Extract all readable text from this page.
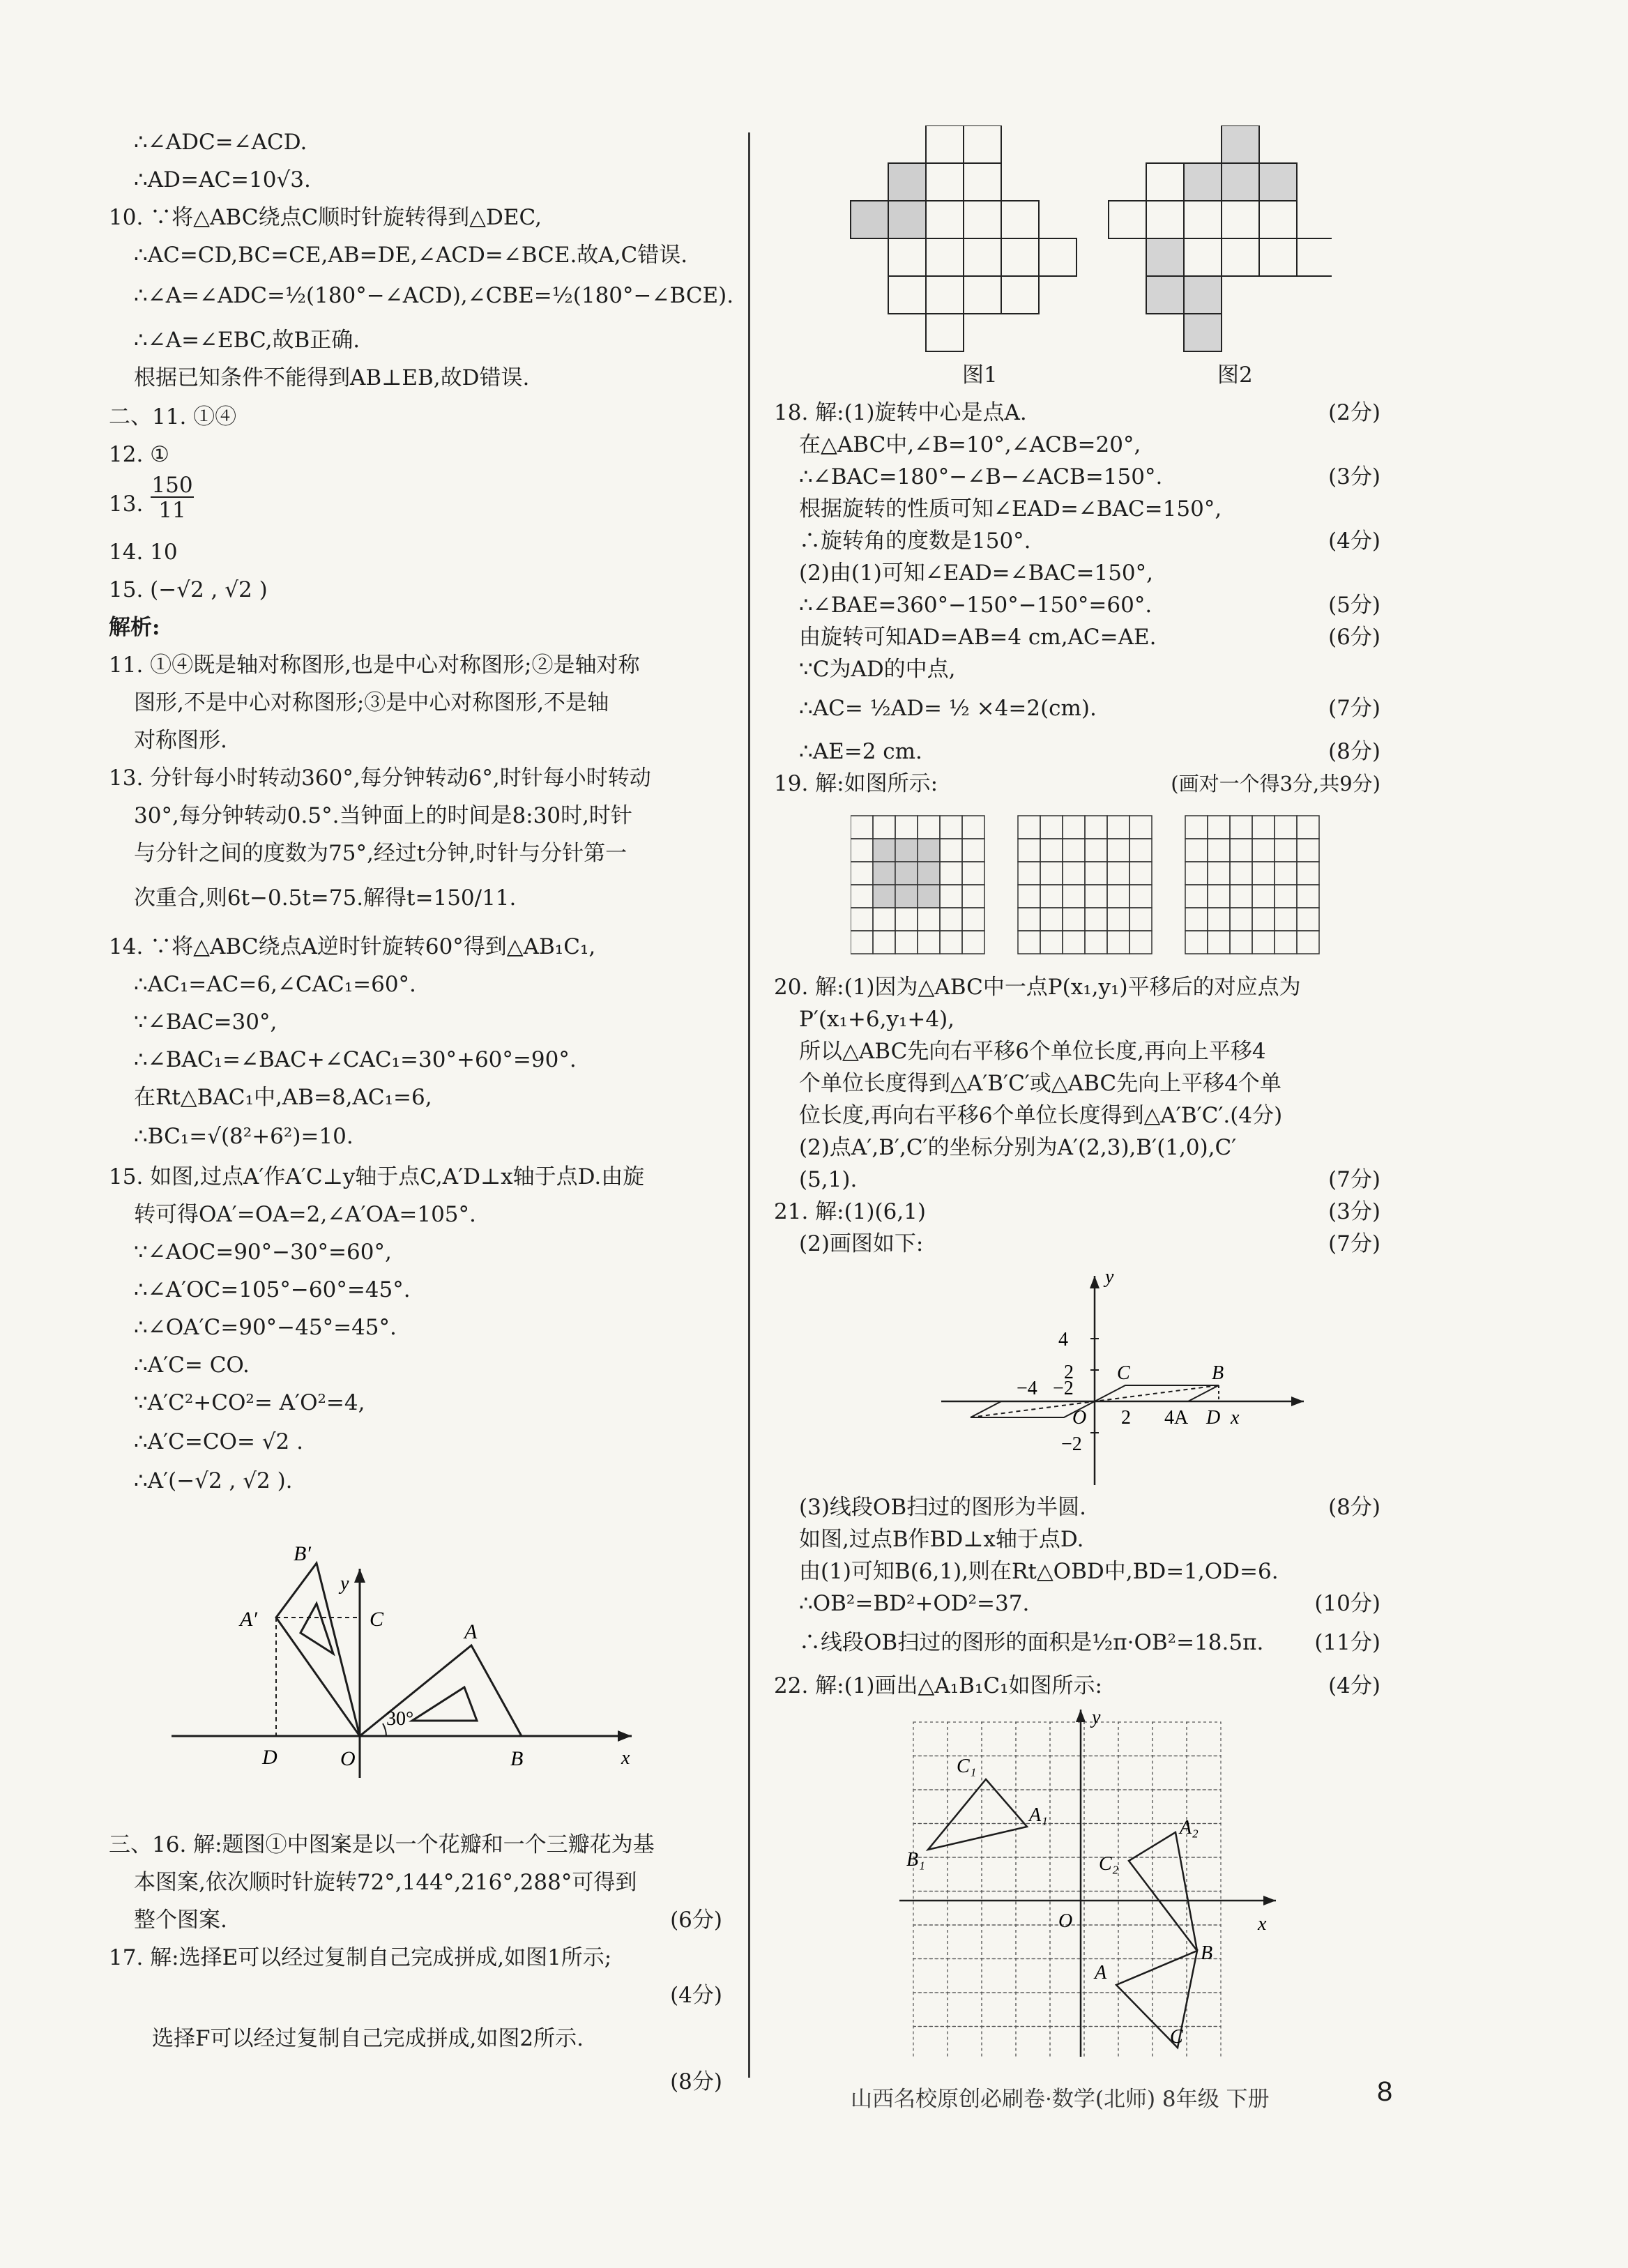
∴∠ADC=∠ACD.
∴AD=AC=10√3.
10. ∵将△ABC绕点C顺时针旋转得到△DEC,
∴AC=CD,BC=CE,AB=DE,∠ACD=∠BCE.故A,C错误.
∴∠A=∠ADC=½(180°−∠ACD),∠CBE=½(180°−∠BCE).
∴∠A=∠EBC,故B正确.
根据已知条件不能得到AB⊥EB,故D错误.
二、11. ①④
12. ①
13.
150
11
14. 10
15. (−√2 , √2 )
解析:
11. ①④既是轴对称图形,也是中心对称图形;②是轴对称
图形,不是中心对称图形;③是中心对称图形,不是轴
对称图形.
13. 分针每小时转动360°,每分钟转动6°,时针每小时转动
30°,每分钟转动0.5°.当钟面上的时间是8:30时,时针
与分针之间的度数为75°,经过t分钟,时针与分针第一
次重合,则6t−0.5t=75.解得t=150/11.
14. ∵将△ABC绕点A逆时针旋转60°得到△AB₁C₁,
∴AC₁=AC=6,∠CAC₁=60°.
∵∠BAC=30°,
∴∠BAC₁=∠BAC+∠CAC₁=30°+60°=90°.
在Rt△BAC₁中,AB=8,AC₁=6,
∴BC₁=√(8²+6²)=10.
15. 如图,过点A′作A′C⊥y轴于点C,A′D⊥x轴于点D.由旋
转可得OA′=OA=2,∠A′OA=105°.
∵∠AOC=90°−30°=60°,
∴∠A′OC=105°−60°=45°.
∴∠OA′C=90°−45°=45°.
∴A′C= CO.
∵A′C²+CO²= A′O²=4,
∴A′C=CO= √2 .
∴A′(−√2 , √2 ).
B′
y
A′	C
A
30°
D	O	B	x
三、16. 解:题图①中图案是以一个花瓣和一个三瓣花为基
本图案,依次顺时针旋转72°,144°,216°,288°可得到
整个图案.	(6分)
17. 解:选择E可以经过复制自己完成拼成,如图1所示;
(4分)
选择F可以经过复制自己完成拼成,如图2所示.
(8分)
图1	图2
18. 解:(1)旋转中心是点A.	(2分)
在△ABC中,∠B=10°,∠ACB=20°,
∴∠BAC=180°−∠B−∠ACB=150°.	(3分)
根据旋转的性质可知∠EAD=∠BAC=150°,
∴旋转角的度数是150°.	(4分)
(2)由(1)可知∠EAD=∠BAC=150°,
∴∠BAE=360°−150°−150°=60°.	(5分)
由旋转可知AD=AB=4 cm,AC=AE.	(6分)
∵C为AD的中点,
∴AC= ½AD= ½ ×4=2(cm).	(7分)
∴AE=2 cm.	(8分)
19. 解:如图所示:	(画对一个得3分,共9分)
20. 解:(1)因为△ABC中一点P(x₁,y₁)平移后的对应点为
P′(x₁+6,y₁+4),
所以△ABC先向右平移6个单位长度,再向上平移4
个单位长度得到△A′B′C′或△ABC先向上平移4个单
位长度,再向右平移6个单位长度得到△A′B′C′.(4分)
(2)点A′,B′,C′的坐标分别为A′(2,3),B′(1,0),C′
(5,1).	(7分)
21. 解:(1)(6,1)	(3分)
(2)画图如下:	(7分)
4
y
2 C	B
−4 −2
O 2 4A D x
−2
(3)线段OB扫过的图形为半圆.	(8分)
如图,过点B作BD⊥x轴于点D.
由(1)可知B(6,1),则在Rt△OBD中,BD=1,OD=6.
∴OB²=BD²+OD²=37.	(10分)
∴线段OB扫过的图形的面积是½π·OB²=18.5π. (11分)
22. 解:(1)画出△A₁B₁C₁如图所示:	(4分)
C₁
y
A₁
A₂
B₁	C₂
O	x
B
A
C
山西名校原创必刷卷·数学(北师) 8年级 下册	8
